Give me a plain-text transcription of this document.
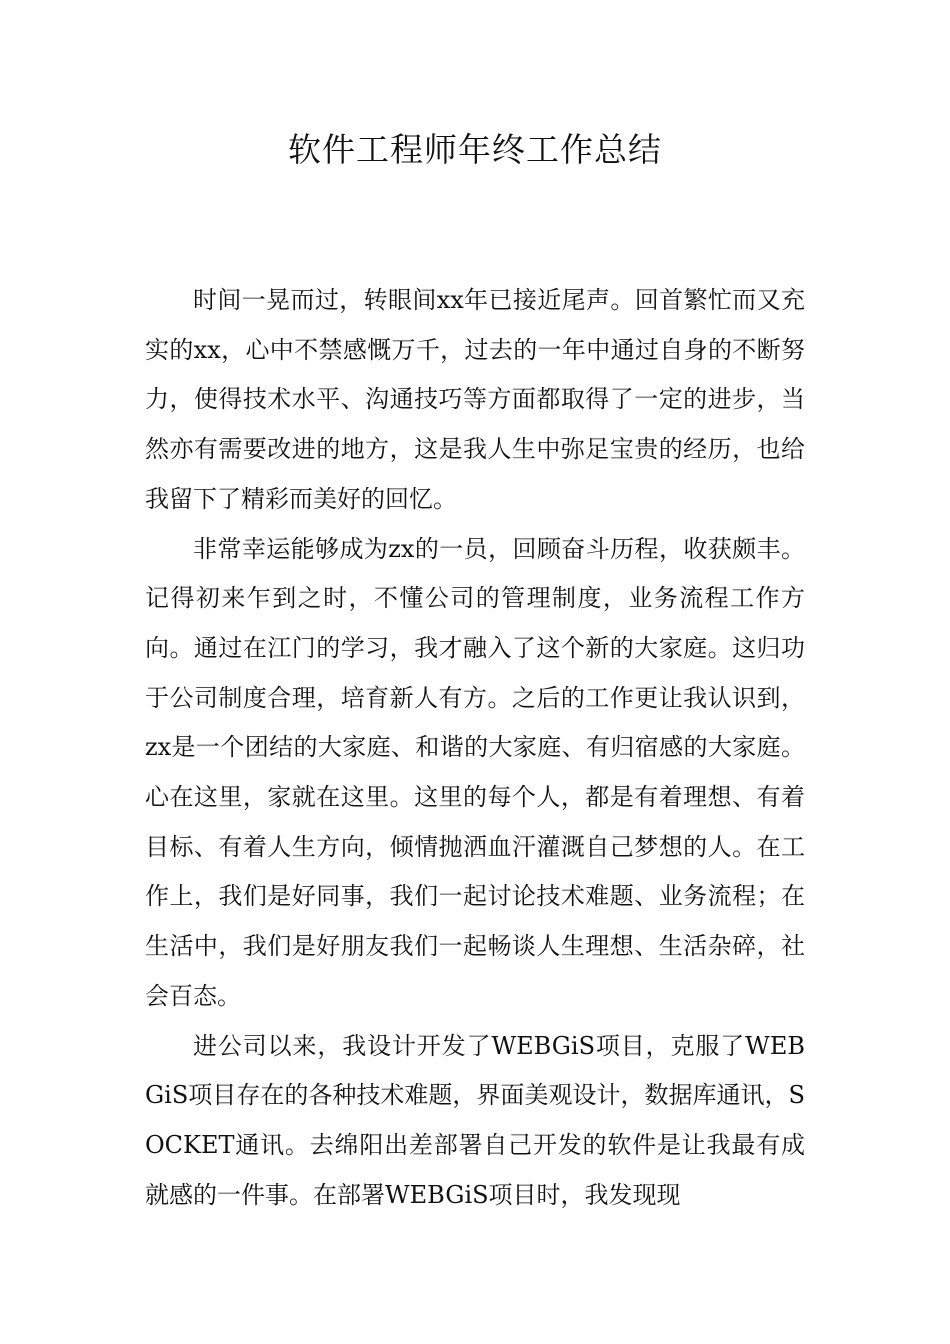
软件工程师年终工作总结

时间一晃而过，转眼间xx年已接近尾声。回首繁忙而又充实的xx，心中不禁感慨万千，过去的一年中通过自身的不断努力，使得技术水平、沟通技巧等方面都取得了一定的进步，当然亦有需要改进的地方，这是我人生中弥足宝贵的经历，也给我留下了精彩而美好的回忆。

非常幸运能够成为zx的一员，回顾奋斗历程，收获颇丰。记得初来乍到之时，不懂公司的管理制度，业务流程工作方向。通过在江门的学习，我才融入了这个新的大家庭。这归功于公司制度合理，培育新人有方。之后的工作更让我认识到，zx是一个团结的大家庭、和谐的大家庭、有归宿感的大家庭。心在这里，家就在这里。这里的每个人，都是有着理想、有着目标、有着人生方向，倾情抛洒血汗灌溉自己梦想的人。在工作上，我们是好同事，我们一起讨论技术难题、业务流程；在生活中，我们是好朋友我们一起畅谈人生理想、生活杂碎，社会百态。

进公司以来，我设计开发了WEBGiS项目，克服了WEBGiS项目存在的各种技术难题，界面美观设计，数据库通讯，SOCKET通讯。去绵阳出差部署自己开发的软件是让我最有成就感的一件事。在部署WEBGiS项目时，我发现现
